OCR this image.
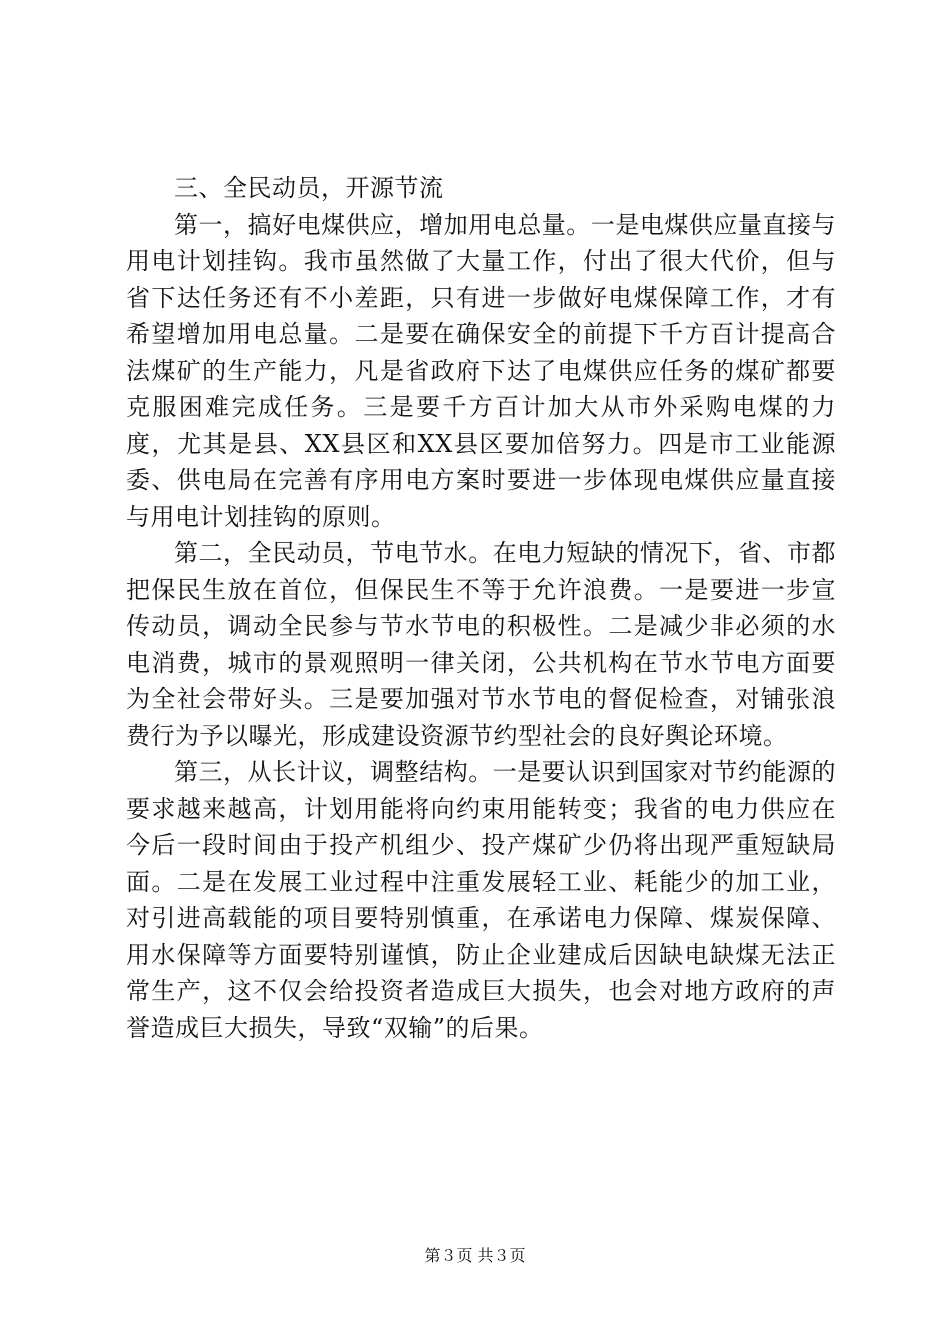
三、全民动员，开源节流

第一，搞好电煤供应，增加用电总量。一是电煤供应量直接与用电计划挂钩。我市虽然做了大量工作，付出了很大代价，但与省下达任务还有不小差距，只有进一步做好电煤保障工作，才有希望增加用电总量。二是要在确保安全的前提下千方百计提高合法煤矿的生产能力，凡是省政府下达了电煤供应任务的煤矿都要克服困难完成任务。三是要千方百计加大从市外采购电煤的力度，尤其是县、XX县区和XX县区要加倍努力。四是市工业能源委、供电局在完善有序用电方案时要进一步体现电煤供应量直接与用电计划挂钩的原则。

第二，全民动员，节电节水。在电力短缺的情况下，省、市都把保民生放在首位，但保民生不等于允许浪费。一是要进一步宣传动员，调动全民参与节水节电的积极性。二是减少非必须的水电消费，城市的景观照明一律关闭，公共机构在节水节电方面要为全社会带好头。三是要加强对节水节电的督促检查，对铺张浪费行为予以曝光，形成建设资源节约型社会的良好舆论环境。

第三，从长计议，调整结构。一是要认识到国家对节约能源的要求越来越高，计划用能将向约束用能转变；我省的电力供应在今后一段时间由于投产机组少、投产煤矿少仍将出现严重短缺局面。二是在发展工业过程中注重发展轻工业、耗能少的加工业，对引进高载能的项目要特别慎重，在承诺电力保障、煤炭保障、用水保障等方面要特别谨慎，防止企业建成后因缺电缺煤无法正常生产，这不仅会给投资者造成巨大损失，也会对地方政府的声誉造成巨大损失，导致“双输”的后果。

第３页 共３页
